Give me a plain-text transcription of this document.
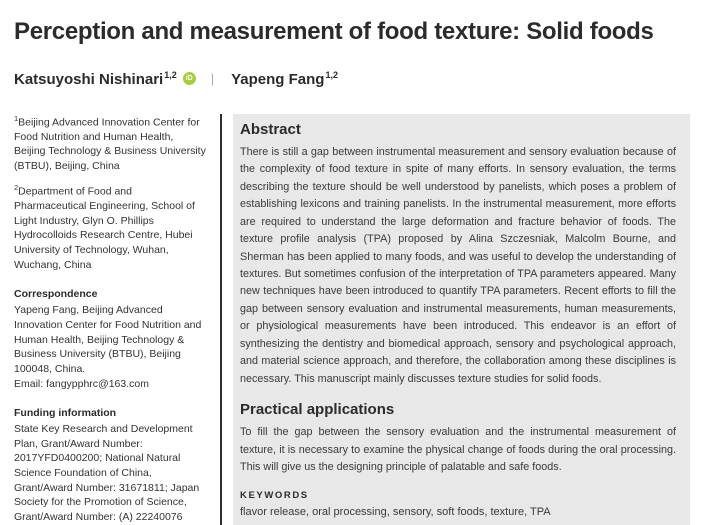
Perception and measurement of food texture: Solid foods
Katsuyoshi Nishinari$^{1,2}$	iD | Yapeng Fang$^{1,2}$

$^1$Beijing Advanced Innovation Center for Food Nutrition and Human Health, Beijing Technology & Business University (BTBU), Beijing, China

$^2$Department of Food and Pharmaceutical Engineering, School of Light Industry, Glyn O. Phillips Hydrocolloids Research Centre, Hubei University of Technology, Wuhan, Wuchang, China

Correspondence

Yapeng Fang, Beijing Advanced Innovation Center for Food Nutrition and Human Health, Beijing Technology & Business University (BTBU), Beijing 100048, China.
Email: fangypphrc@163.com

Funding information

State Key Research and Development Plan, Grant/Award Number: 2017YFD0400200; National Natural Science Foundation of China, Grant/Award Number: 31671811; Japan Society for the Promotion of Science, Grant/Award Number: (A) 22240076

Abstract

There is still a gap between instrumental measurement and sensory evaluation because of the complexity of food texture in spite of many efforts. In sensory evaluation, the terms describing the texture should be well understood by panelists, which poses a problem of establishing lexicons and training panelists. In the instrumental measurement, more efforts are required to understand the large deformation and fracture behavior of foods. The texture profile analysis (TPA) proposed by Alina Szczesniak, Malcolm Bourne, and Sherman has been applied to many foods, and was useful to develop the understanding of textures. But sometimes confusion of the interpretation of TPA parameters appeared. Many new techniques have been introduced to quantify TPA parameters. Recent efforts to fill the gap between sensory evaluation and instrumental measurements, human measurements, or physiological measurements have been introduced. This endeavor is an effort of synthesizing the dentistry and biomedical approach, sensory and psychological approach, and material science approach, and therefore, the collaboration among these disciplines is necessary. This manuscript mainly discusses texture studies for solid foods.

Practical applications

To fill the gap between the sensory evaluation and the instrumental measurement of texture, it is necessary to examine the physical change of foods during the oral processing. This will give us the designing principle of palatable and safe foods.

KEYWORDS

flavor release, oral processing, sensory, soft foods, texture, TPA
